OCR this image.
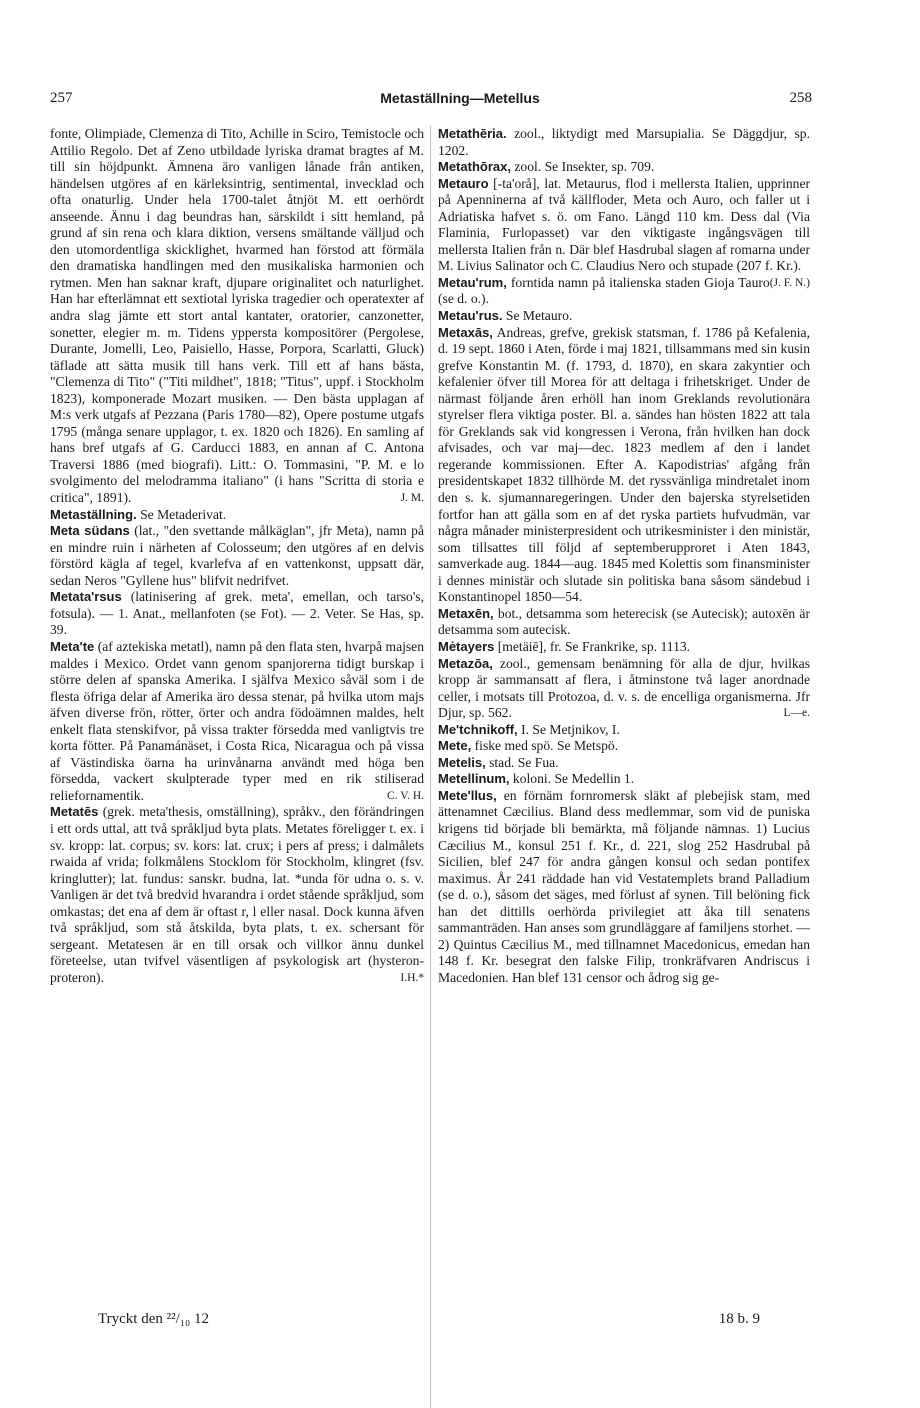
257	Metaställning—Metellus	258

fonte, Olimpiade, Clemenza di Tito, Achille in Sciro, Temistocle och Attilio Regolo. Det af Zeno utbildade lyriska dramat bragtes af M. till sin höjdpunkt. Ämnena äro vanligen lånade från antiken, händelsen utgöres af en kärleksintrig, sentimental, invecklad och ofta onaturlig. Under hela 1700-talet åtnjöt M. ett oerhördt anseende. Ännu i dag beundras han, särskildt i sitt hemland, på grund af sin rena och klara diktion, versens smältande välljud och den utomordentliga skicklighet, hvarmed han förstod att förmäla den dramatiska handlingen med den musikaliska harmonien och rytmen. Men han saknar kraft, djupare originalitet och naturlighet. Han har efterlämnat ett sextiotal lyriska tragedier och operatexter af andra slag jämte ett stort antal kantater, oratorier, canzonetter, sonetter, elegier m. m. Tidens yppersta kompositörer (Pergolese, Durante, Jomelli, Leo, Paisiello, Hasse, Porpora, Scarlatti, Gluck) täflade att sätta musik till hans verk. Till ett af hans bästa, "Clemenza di Tito" ("Titi mildhet", 1818; "Titus", uppf. i Stockholm 1823), komponerade Mozart musiken. — Den bästa upplagan af M:s verk utgafs af Pezzana (Paris 1780—82), Opere postume utgafs 1795 (många senare upplagor, t. ex. 1820 och 1826). En samling af hans bref utgafs af G. Carducci 1883, en annan af C. Antona Traversi 1886 (med biografi). Litt.: O. Tommasini, "P. M. e lo svolgimento del melodramma italiano" (i hans "Scritta di storia e critica", 1891).	J. M.

Metaställning. Se Metaderivat.

Meta südans (lat., "den svettande målkäglan", jfr Meta), namn på en mindre ruin i närheten af Colosseum; den utgöres af en delvis förstörd kägla af tegel, kvarlefva af en vattenkonst, uppsatt där, sedan Neros "Gyllene hus" blifvit nedrifvet.

Metata'rsus (latinisering af grek. meta', emellan, och tarso's, fotsula). — 1. Anat., mellanfoten (se Fot). — 2. Veter. Se Has, sp. 39.

Meta'te (af aztekiska metatl), namn på den flata sten, hvarpå majsen maldes i Mexico. Ordet vann genom spanjorerna tidigt burskap i större delen af spanska Amerika. I själfva Mexico såväl som i de flesta öfriga delar af Amerika äro dessa stenar, på hvilka utom majs äfven diverse frön, rötter, örter och andra födoämnen maldes, helt enkelt flata stenskifvor, på vissa trakter försedda med vanligtvis tre korta fötter. På Panamánäset, i Costa Rica, Nicaragua och på vissa af Västindiska öarna ha urinvånarna användt med höga ben försedda, vackert skulpterade typer med en rik stiliserad reliefornamentik.	C. V. H.

Metatēs (grek. meta'thesis, omställning), språkv., den förändringen i ett ords uttal, att två språkljud byta plats. Metates föreligger t. ex. i sv. kropp: lat. corpus; sv. kors: lat. crux; i pers af press; i dalmålets rwaida af vrida; folkmålens Stocklom för Stockholm, klingret (fsv. kringlutter); lat. fundus: sanskr. budna, lat. *unda för udna o. s. v. Vanligen är det två bredvid hvarandra i ordet stående språkljud, som omkastas; det ena af dem är oftast r, l eller nasal. Dock kunna äfven två språkljud, som stå åtskilda, byta plats, t. ex. schersant för sergeant. Metatesen är en till orsak och villkor ännu dunkel företeelse, utan tvifvel väsentligen af psykologisk art (hysteron-proteron).	I.H.*

Metathēria. zool., liktydigt med Marsupialia. Se Däggdjur, sp. 1202.

Metathōrax, zool. Se Insekter, sp. 709.

Metauro [-ta'orå], lat. Metaurus, flod i mellersta Italien, upprinner på Apenninerna af två källfloder, Meta och Auro, och faller ut i Adriatiska hafvet s. ö. om Fano. Längd 110 km. Dess dal (Via Flaminia, Furlopasset) var den viktigaste ingångsvägen till mellersta Italien från n. Där blef Hasdrubal slagen af romarna under M. Livius Salinator och C. Claudius Nero och stupade (207 f. Kr.).
(J. F. N.)

Metau'rum, forntida namn på italienska staden Gioja Tauro (se d. o.).

Metau'rus. Se Metauro.

Metaxās, Andreas, grefve, grekisk statsman, f. 1786 på Kefalenia, d. 19 sept. 1860 i Aten, förde i maj 1821, tillsammans med sin kusin grefve Konstantin M. (f. 1793, d. 1870), en skara zakyntier och kefalenier öfver till Morea för att deltaga i frihetskriget. Under de närmast följande åren erhöll han inom Greklands revolutionära styrelser flera viktiga poster. Bl. a. sändes han hösten 1822 att tala för Greklands sak vid kongressen i Verona, från hvilken han dock afvisades, och var maj—dec. 1823 medlem af den i landet regerande kommissionen. Efter A. Kapodistrias' afgång från presidentskapet 1832 tillhörde M. det ryssvänliga mindretalet inom den s. k. sjumannaregeringen. Under den bajerska styrelsetiden fortfor han att gälla som en af det ryska partiets hufvudmän, var några månader ministerpresident och utrikesminister i den ministär, som tillsattes till följd af septemberupproret i Aten 1843, samverkade aug. 1844—aug. 1845 med Kolettis som finansminister i dennes ministär och slutade sin politiska bana såsom sändebud i Konstantinopel 1850—54.

Metaxēn, bot., detsamma som heterecisk (se Autecisk); autoxēn är detsamma som autecisk.

Mėtayers [metäiē], fr. Se Frankrike, sp. 1113.

Metazōa, zool., gemensam benämning för alla de djur, hvilkas kropp är sammansatt af flera, i åtminstone två lager anordnade celler, i motsats till Protozoa, d. v. s. de encelliga organismerna. Jfr Djur, sp. 562.	L—e.

Me'tchnikoff, I. Se Metjnikov, I.

Mete, fiske med spö. Se Metspö.

Metelis, stad. Se Fua.

Metellinum, koloni. Se Medellin 1.

Mete'llus, en förnäm fornromersk släkt af plebejisk stam, med ättenamnet Cæcilius. Bland dess medlemmar, som vid de puniska krigens tid började bli bemärkta, må följande nämnas. 1) Lucius Cæcilius M., konsul 251 f. Kr., d. 221, slog 252 Hasdrubal på Sicilien, blef 247 för andra gången konsul och sedan pontifex maximus. År 241 räddade han vid Vestatemplets brand Palladium (se d. o.), såsom det säges, med förlust af synen. Till belöning fick han det dittills oerhörda privilegiet att åka till senatens sammanträden. Han anses som grundläggare af familjens storhet. — 2) Quintus Cæcilius M., med tillnamnet Macedonicus, emedan han 148 f. Kr. besegrat den falske Filip, tronkräfvaren Andriscus i Macedonien. Han blef 131 censor och ådrog sig ge-

Tryckt den ²²/₁₀ 12	18 b. 9
